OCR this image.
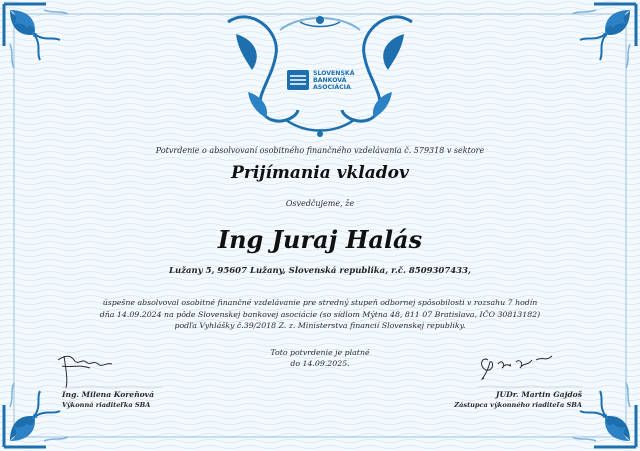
SLOVENSKÁ
BANKOVÁ
ASOCIÁCIA
Potvrdenie o absolvovaní osobitného finančného vzdelávania č. 579318 v sektore
Prijímania vkladov
Osvedčujeme, že
Ing Juraj Halás
Lužany 5, 95607 Lužany, Slovenská republika, r.č. 8509307433,
úspešne absolvoval osobitné finančné vzdelávanie pre stredný stupeň odbornej spôsobilosti v rozsahu 7 hodín
dňa 14.09.2024 na pôde Slovenskej bankovej asociácie (so sídlom Mýtna 48, 811 07 Bratislava, IČO 30813182)
podľa Vyhlášky č.39/2018 Z. z. Ministerstva financií Slovenskej republiky.
Toto potvrdenie je platné
do 14.09.2025.
Ing. Milena Koreňová
Výkonná riaditeľka SBA
JUDr. Martin Gajdoš
Zástupca výkonného riaditeľa SBA
